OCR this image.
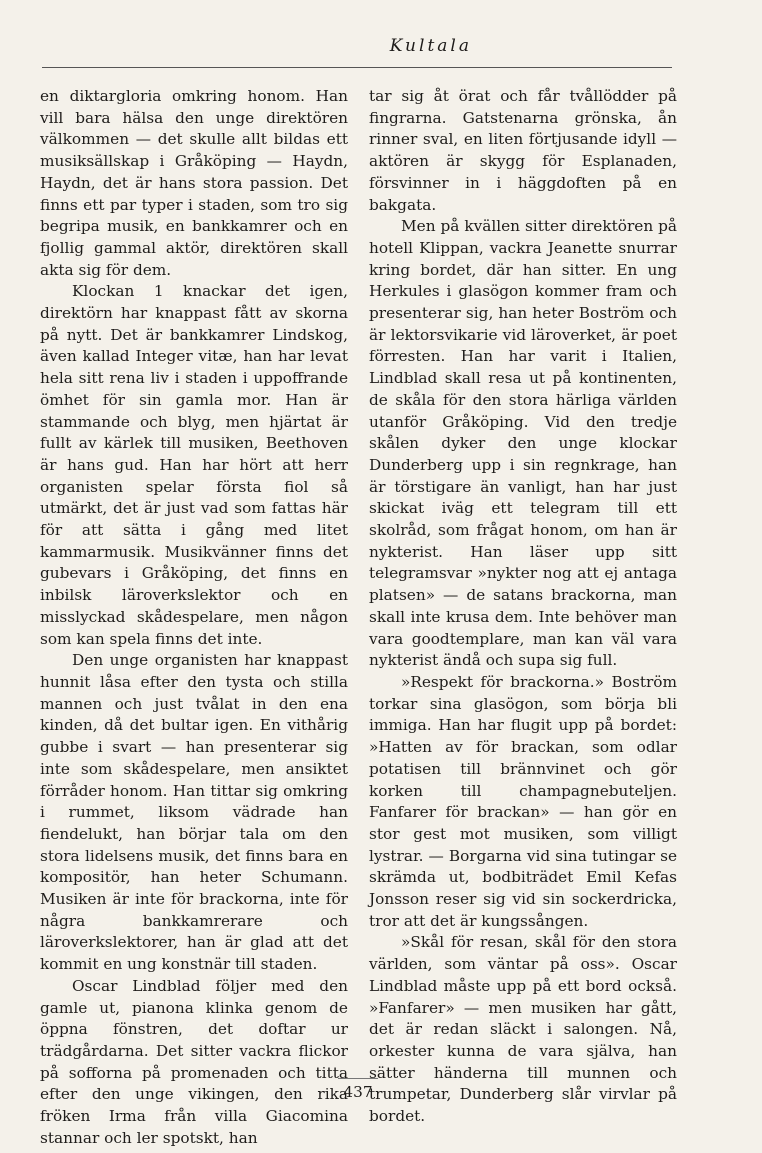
Kultala

en diktargloria omkring honom. Han vill bara hälsa den unge direktören välkommen — det skulle allt bildas ett musiksällskap i Gråköping — Haydn, Haydn, det är hans stora passion. Det finns ett par typer i staden, som tro sig begripa musik, en bankkamrer och en fjollig gammal aktör, direktören skall akta sig för dem.

Klockan 1 knackar det igen, direktörn har knappast fått av skorna på nytt. Det är bankkamrer Lindskog, även kallad Integer vitæ, han har levat hela sitt rena liv i staden i uppoffrande ömhet för sin gamla mor. Han är stammande och blyg, men hjärtat är fullt av kärlek till musiken, Beethoven är hans gud. Han har hört att herr organisten spelar första fiol så utmärkt, det är just vad som fattas här för att sätta i gång med litet kammarmusik. Musikvänner finns det gubevars i Gråköping, det finns en inbilsk läroverkslektor och en misslyckad skådespelare, men någon som kan spela finns det inte.

Den unge organisten har knappast hunnit låsa efter den tysta och stilla mannen och just tvålat in den ena kinden, då det bultar igen. En vithårig gubbe i svart — han presenterar sig inte som skådespelare, men ansiktet förråder honom. Han tittar sig omkring i rummet, liksom vädrade han fiendelukt, han börjar tala om den stora lidelsens musik, det finns bara en kompositör, han heter Schumann. Musiken är inte för brackorna, inte för några bankkamrerare och läroverkslektorer, han är glad att det kommit en ung konstnär till staden.

Oscar Lindblad följer med den gamle ut, pianona klinka genom de öppna fönstren, det doftar ur trädgårdarna. Det sitter vackra flickor på sofforna på promenaden och titta efter den unge vikingen, den rika fröken Irma från villa Giacomina stannar och ler spotskt, han

tar sig åt örat och får tvållödder på fingrarna. Gatstenarna grönska, ån rinner sval, en liten förtjusande idyll — aktören är skygg för Esplanaden, försvinner in i häggdoften på en bakgata.

Men på kvällen sitter direktören på hotell Klippan, vackra Jeanette snurrar kring bordet, där han sitter. En ung Herkules i glasögon kommer fram och presenterar sig, han heter Boström och är lektorsvikarie vid läroverket, är poet förresten. Han har varit i Italien, Lindblad skall resa ut på kontinenten, de skåla för den stora härliga världen utanför Gråköping. Vid den tredje skålen dyker den unge klockar Dunderberg upp i sin regnkrage, han är törstigare än vanligt, han har just skickat iväg ett telegram till ett skolråd, som frågat honom, om han är nykterist. Han läser upp sitt telegramsvar »nykter nog att ej antaga platsen» — de satans brackorna, man skall inte krusa dem. Inte behöver man vara goodtemplare, man kan väl vara nykterist ändå och supa sig full.

»Respekt för brackorna.» Boström torkar sina glasögon, som börja bli immiga. Han har flugit upp på bordet: »Hatten av för brackan, som odlar potatisen till brännvinet och gör korken till champagnebuteljen. Fanfarer för brackan» — han gör en stor gest mot musiken, som villigt lystrar. — Borgarna vid sina tutingar se skrämda ut, bodbiträdet Emil Kefas Jonsson reser sig vid sin sockerdricka, tror att det är kungssången.

»Skål för resan, skål för den stora världen, som väntar på oss». Oscar Lindblad måste upp på ett bord också. »Fanfarer» — men musiken har gått, det är redan släckt i salongen. Nå, orkester kunna de vara själva, han sätter händerna till munnen och trumpetar, Dunderberg slår virvlar på bordet.

437
